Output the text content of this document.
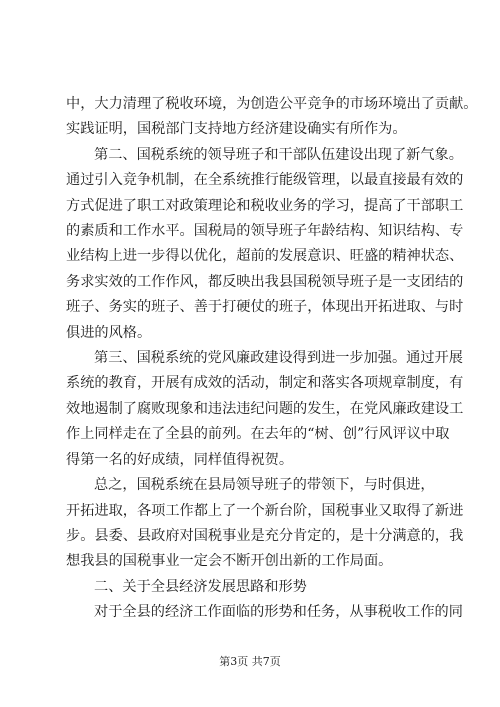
中，大力清理了税收环境，为创造公平竞争的市场环境出了贡献。
实践证明，国税部门支持地方经济建设确实有所作为。

第二、国税系统的领导班子和干部队伍建设出现了新气象。
通过引入竞争机制，在全系统推行能级管理，以最直接最有效的
方式促进了职工对政策理论和税收业务的学习，提高了干部职工
的素质和工作水平。国税局的领导班子年龄结构、知识结构、专
业结构上进一步得以优化，超前的发展意识、旺盛的精神状态、
务求实效的工作作风，都反映出我县国税领导班子是一支团结的
班子、务实的班子、善于打硬仗的班子，体现出开拓进取、与时
俱进的风格。

第三、国税系统的党风廉政建设得到进一步加强。通过开展
系统的教育，开展有成效的活动，制定和落实各项规章制度，有
效地遏制了腐败现象和违法违纪问题的发生，在党风廉政建设工
作上同样走在了全县的前列。在去年的“树、创”行风评议中取
得第一名的好成绩，同样值得祝贺。

总之，国税系统在县局领导班子的带领下，与时俱进，
开拓进取，各项工作都上了一个新台阶，国税事业又取得了新进
步。县委、县政府对国税事业是充分肯定的，是十分满意的，我
想我县的国税事业一定会不断开创出新的工作局面。

二、关于全县经济发展思路和形势

对于全县的经济工作面临的形势和任务，从事税收工作的同

第3页 共7页
